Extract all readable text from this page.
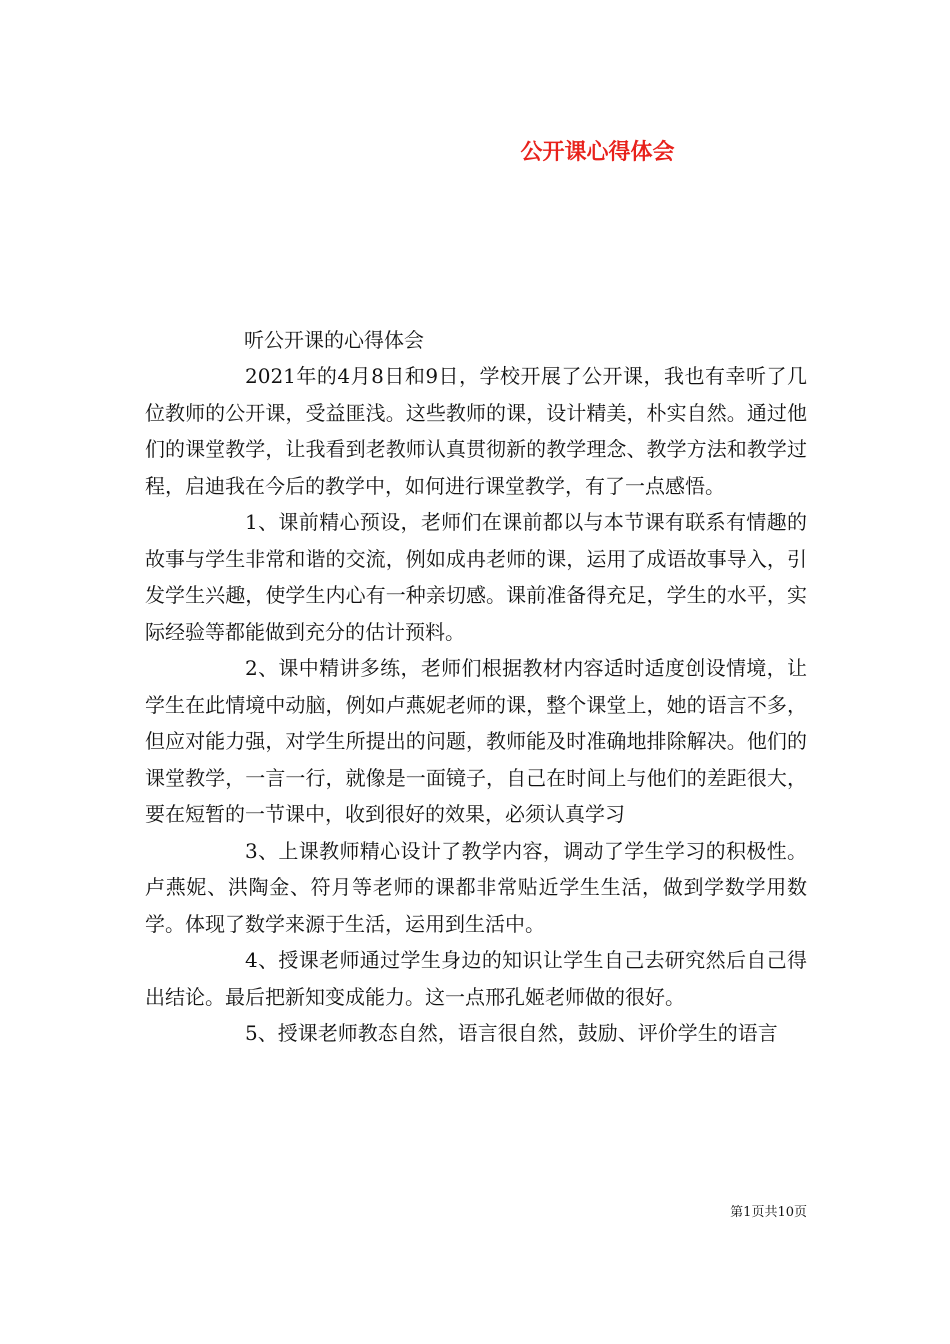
公开课心得体会
听公开课的心得体会

2021年的4月8日和9日，学校开展了公开课，我也有幸听了几位教师的公开课，受益匪浅。这些教师的课，设计精美，朴实自然。通过他们的课堂教学，让我看到老教师认真贯彻新的教学理念、教学方法和教学过程，启迪我在今后的教学中，如何进行课堂教学，有了一点感悟。

1、课前精心预设，老师们在课前都以与本节课有联系有情趣的故事与学生非常和谐的交流，例如成冉老师的课，运用了成语故事导入，引发学生兴趣，使学生内心有一种亲切感。课前准备得充足，学生的水平，实际经验等都能做到充分的估计预料。

2、课中精讲多练，老师们根据教材内容适时适度创设情境，让学生在此情境中动脑，例如卢燕妮老师的课，整个课堂上，她的语言不多，但应对能力强，对学生所提出的问题，教师能及时准确地排除解决。他们的课堂教学，一言一行，就像是一面镜子，自己在时间上与他们的差距很大，要在短暂的一节课中，收到很好的效果，必须认真学习

3、上课教师精心设计了教学内容，调动了学生学习的积极性。卢燕妮、洪陶金、符月等老师的课都非常贴近学生生活，做到学数学用数学。体现了数学来源于生活，运用到生活中。

4、授课老师通过学生身边的知识让学生自己去研究然后自己得出结论。最后把新知变成能力。这一点邢孔姬老师做的很好。

5、授课老师教态自然，语言很自然，鼓励、评价学生的语言

第1页共10页
